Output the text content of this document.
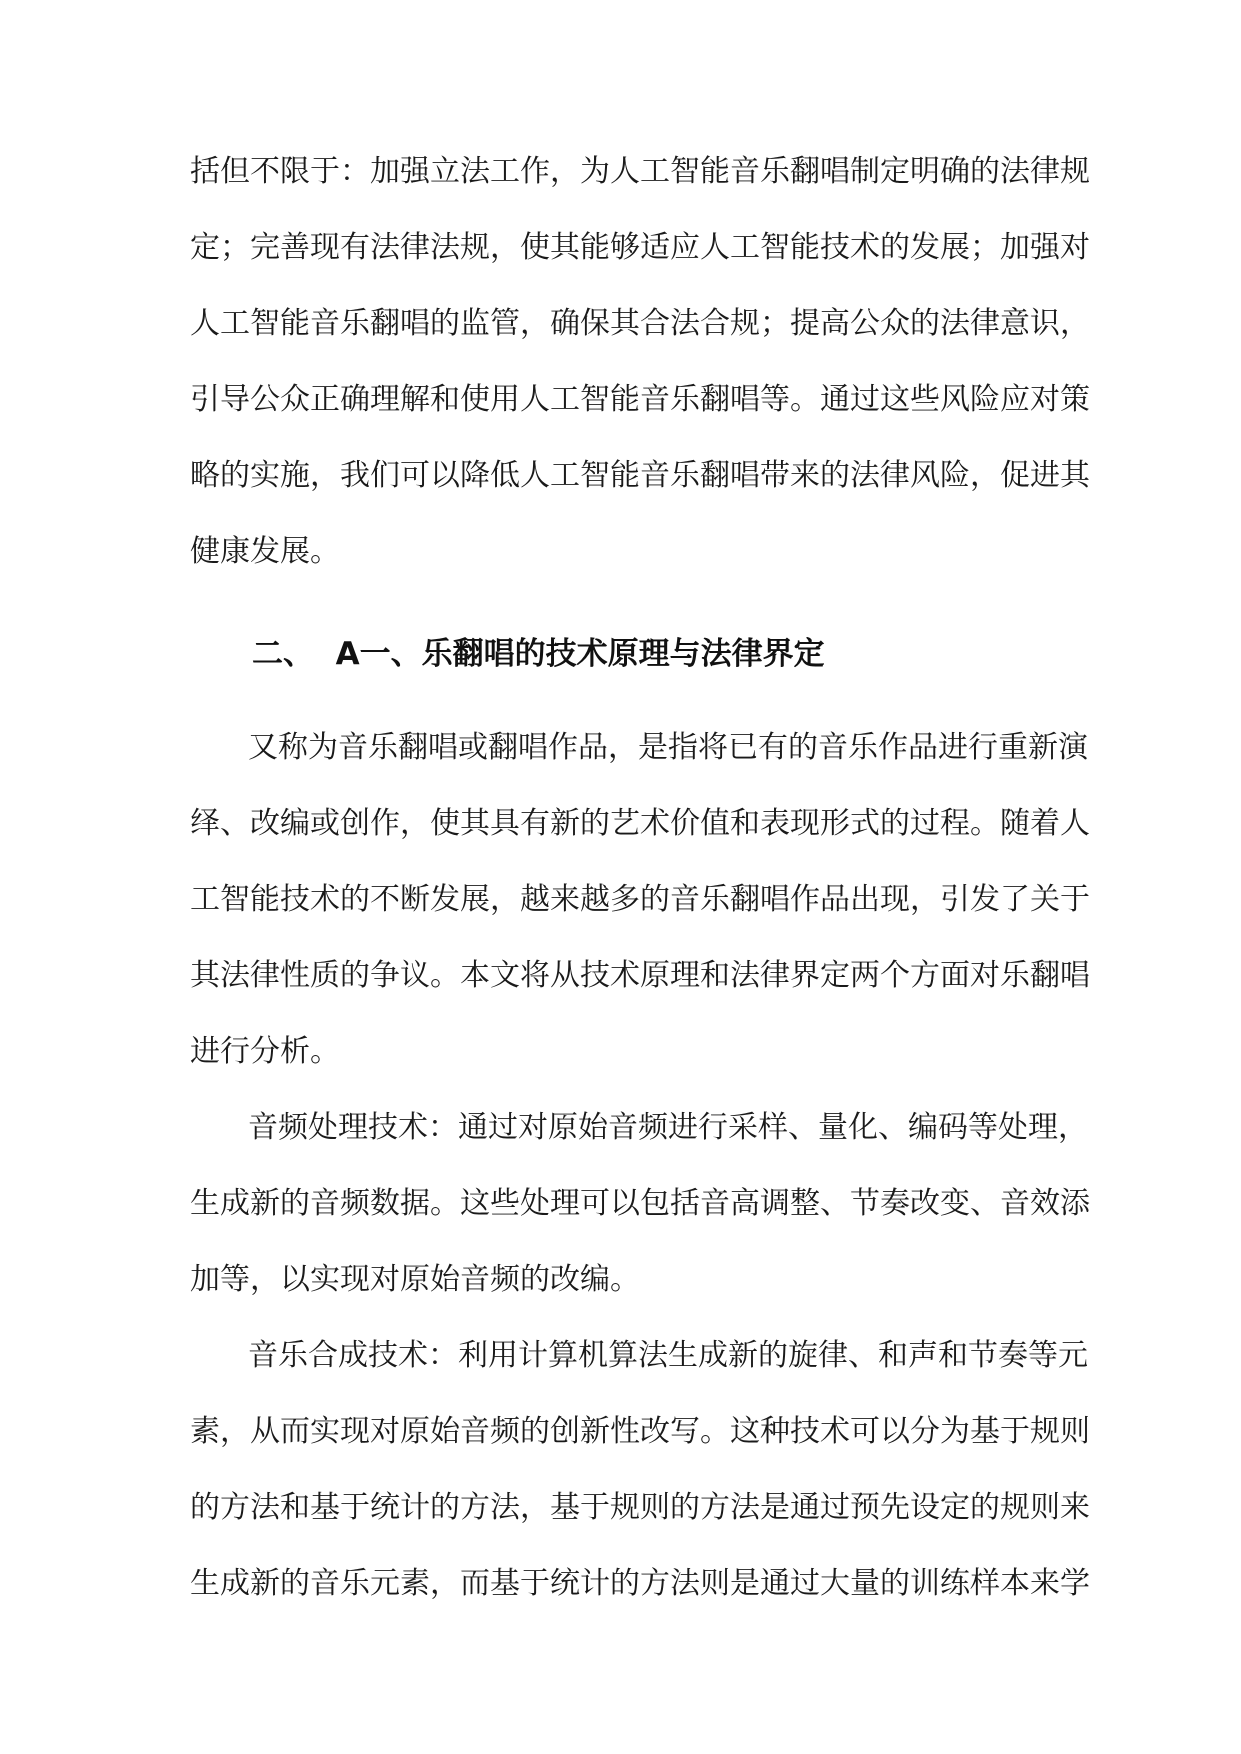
括但不限于：加强立法工作，为人工智能音乐翻唱制定明确的法律规
定；完善现有法律法规，使其能够适应人工智能技术的发展；加强对
人工智能音乐翻唱的监管，确保其合法合规；提高公众的法律意识，
引导公众正确理解和使用人工智能音乐翻唱等。通过这些风险应对策
略的实施，我们可以降低人工智能音乐翻唱带来的法律风险，促进其
健康发展。
二、  A一、乐翻唱的技术原理与法律界定
又称为音乐翻唱或翻唱作品，是指将已有的音乐作品进行重新演
绎、改编或创作，使其具有新的艺术价值和表现形式的过程。随着人
工智能技术的不断发展，越来越多的音乐翻唱作品出现，引发了关于
其法律性质的争议。本文将从技术原理和法律界定两个方面对乐翻唱
进行分析。
音频处理技术：通过对原始音频进行采样、量化、编码等处理，
生成新的音频数据。这些处理可以包括音高调整、节奏改变、音效添
加等，以实现对原始音频的改编。
音乐合成技术：利用计算机算法生成新的旋律、和声和节奏等元
素，从而实现对原始音频的创新性改写。这种技术可以分为基于规则
的方法和基于统计的方法，基于规则的方法是通过预先设定的规则来
生成新的音乐元素，而基于统计的方法则是通过大量的训练样本来学
